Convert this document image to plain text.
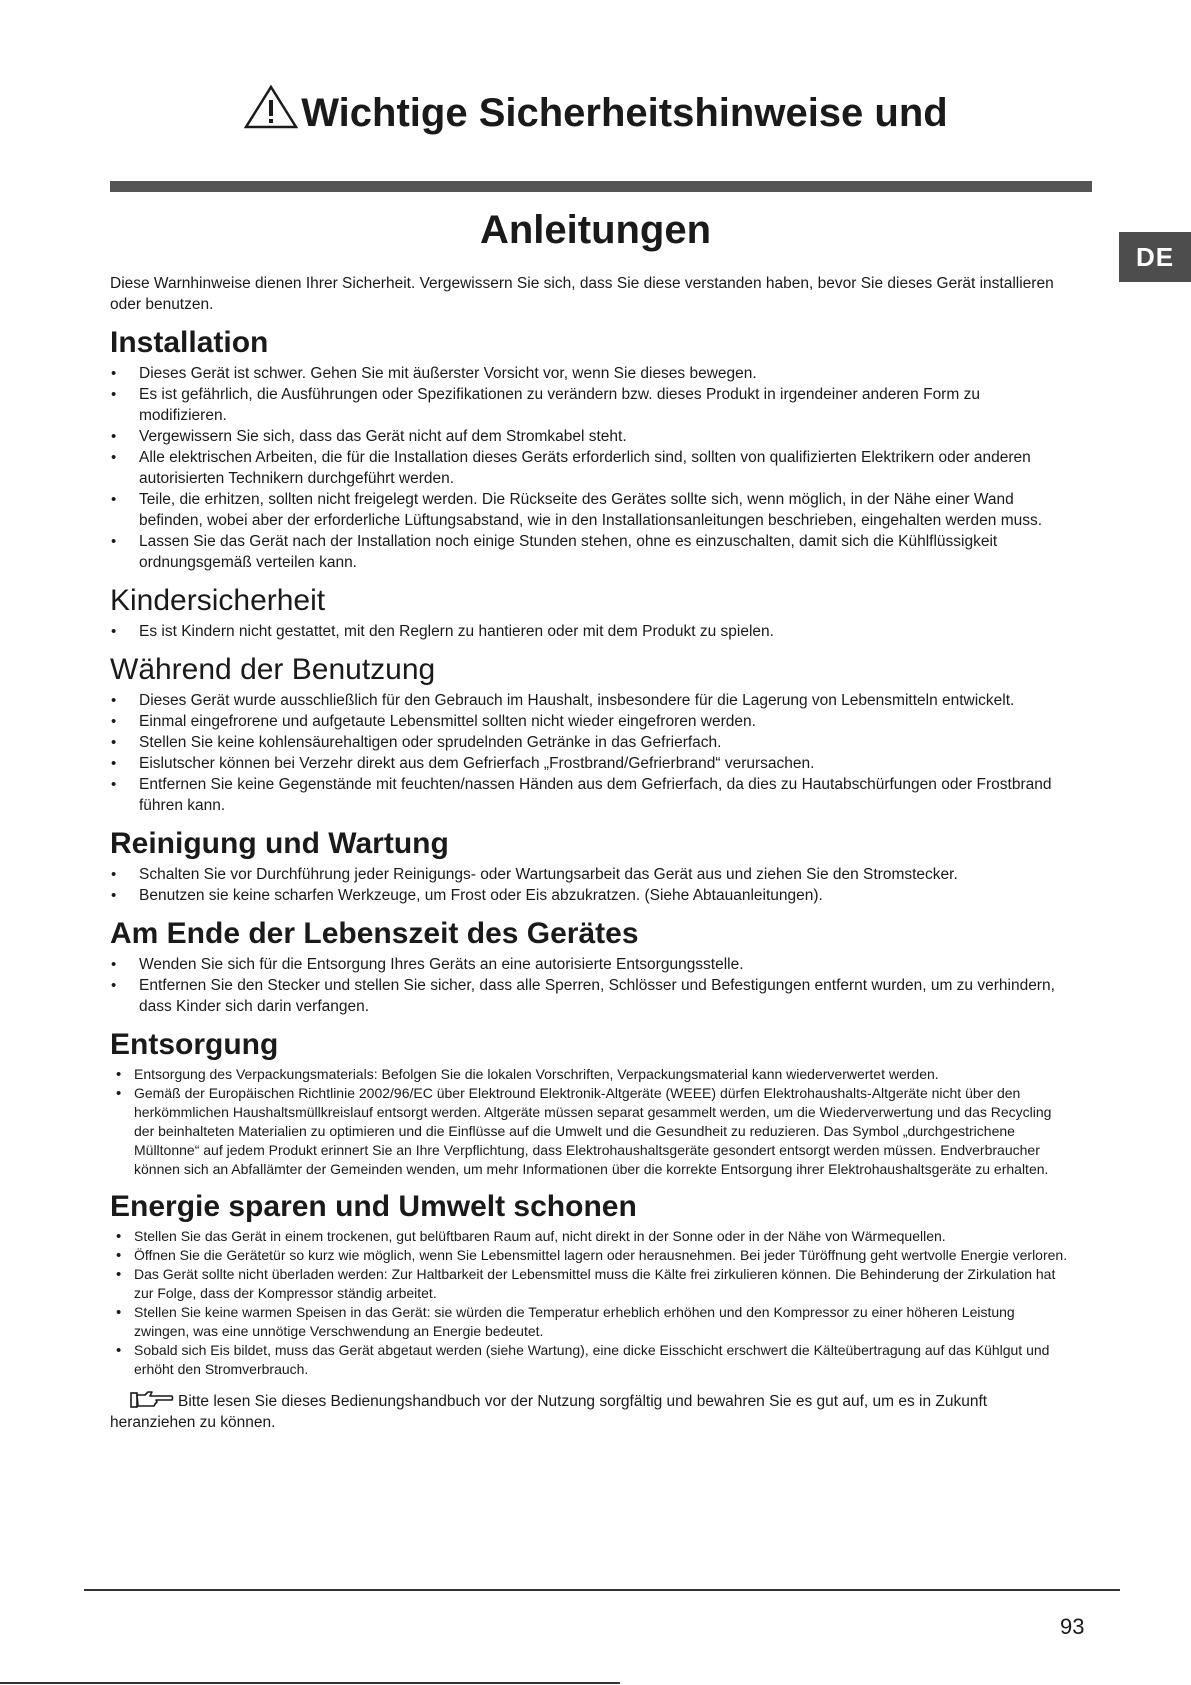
Wichtige Sicherheitshinweise und
Anleitungen
DE

Diese Warnhinweise dienen Ihrer Sicherheit. Vergewissern Sie sich, dass Sie diese verstanden haben, bevor Sie dieses Gerät installieren oder benutzen.

Installation
• Dieses Gerät ist schwer. Gehen Sie mit äußerster Vorsicht vor, wenn Sie dieses bewegen.
• Es ist gefährlich, die Ausführungen oder Spezifikationen zu verändern bzw. dieses Produkt in irgendeiner anderen Form zu modifizieren.
• Vergewissern Sie sich, dass das Gerät nicht auf dem Stromkabel steht.
• Alle elektrischen Arbeiten, die für die Installation dieses Geräts erforderlich sind, sollten von qualifizierten Elektrikern oder anderen autorisierten Technikern durchgeführt werden.
• Teile, die erhitzen, sollten nicht freigelegt werden. Die Rückseite des Gerätes sollte sich, wenn möglich, in der Nähe einer Wand befinden, wobei aber der erforderliche Lüftungsabstand, wie in den Installationsanleitungen beschrieben, eingehalten werden muss.
• Lassen Sie das Gerät nach der Installation noch einige Stunden stehen, ohne es einzuschalten, damit sich die Kühlflüssigkeit ordnungsgemäß verteilen kann.
Kindersicherheit
• Es ist Kindern nicht gestattet, mit den Reglern zu hantieren oder mit dem Produkt zu spielen.
Während der Benutzung
• Dieses Gerät wurde ausschließlich für den Gebrauch im Haushalt, insbesondere für die Lagerung von Lebensmitteln entwickelt.
• Einmal eingefrorene und aufgetaute Lebensmittel sollten nicht wieder eingefroren werden.
• Stellen Sie keine kohlensäurehaltigen oder sprudelnden Getränke in das Gefrierfach.
• Eislutscher können bei Verzehr direkt aus dem Gefrierfach „Frostbrand/Gefrierbrand“ verursachen.
• Entfernen Sie keine Gegenstände mit feuchten/nassen Händen aus dem Gefrierfach, da dies zu Hautabschürfungen oder Frostbrand führen kann.
Reinigung und Wartung
• Schalten Sie vor Durchführung jeder Reinigungs- oder Wartungsarbeit das Gerät aus und ziehen Sie den Stromstecker.
• Benutzen sie keine scharfen Werkzeuge, um Frost oder Eis abzukratzen. (Siehe Abtauanleitungen).
Am Ende der Lebenszeit des Gerätes
• Wenden Sie sich für die Entsorgung Ihres Geräts an eine autorisierte Entsorgungsstelle.
• Entfernen Sie den Stecker und stellen Sie sicher, dass alle Sperren, Schlösser und Befestigungen entfernt wurden, um zu verhindern, dass Kinder sich darin verfangen.
Entsorgung
• Entsorgung des Verpackungsmaterials: Befolgen Sie die lokalen Vorschriften, Verpackungsmaterial kann wiederverwertet werden.
• Gemäß der Europäischen Richtlinie 2002/96/EC über Elektround Elektronik-Altgeräte (WEEE) dürfen Elektrohaushalts-Altgeräte nicht über den herkömmlichen Haushaltsmüllkreislauf entsorgt werden. Altgeräte müssen separat gesammelt werden, um die Wiederverwertung und das Recycling der beinhalteten Materialien zu optimieren und die Einflüsse auf die Umwelt und die Gesundheit zu reduzieren. Das Symbol „durchgestrichene Mülltonne“ auf jedem Produkt erinnert Sie an Ihre Verpflichtung, dass Elektrohaushaltsgeräte gesondert entsorgt werden müssen. Endverbraucher können sich an Abfallämter der Gemeinden wenden, um mehr Informationen über die korrekte Entsorgung ihrer Elektrohaushaltsgeräte zu erhalten.
Energie sparen und Umwelt schonen
• Stellen Sie das Gerät in einem trockenen, gut belüftbaren Raum auf, nicht direkt in der Sonne oder in der Nähe von Wärmequellen.
• Öffnen Sie die Gerätetür so kurz wie möglich, wenn Sie Lebensmittel lagern oder herausnehmen. Bei jeder Türöffnung geht wertvolle Energie verloren.
• Das Gerät sollte nicht überladen werden: Zur Haltbarkeit der Lebensmittel muss die Kälte frei zirkulieren können. Die Behinderung der Zirkulation hat zur Folge, dass der Kompressor ständig arbeitet.
• Stellen Sie keine warmen Speisen in das Gerät: sie würden die Temperatur erheblich erhöhen und den Kompressor zu einer höheren Leistung zwingen, was eine unnötige Verschwendung an Energie bedeutet.
• Sobald sich Eis bildet, muss das Gerät abgetaut werden (siehe Wartung), eine dicke Eisschicht erschwert die Kälteübertragung auf das Kühlgut und erhöht den Stromverbrauch.
Bitte lesen Sie dieses Bedienungshandbuch vor der Nutzung sorgfältig und bewahren Sie es gut auf, um es in Zukunft heranziehen zu können.
93
